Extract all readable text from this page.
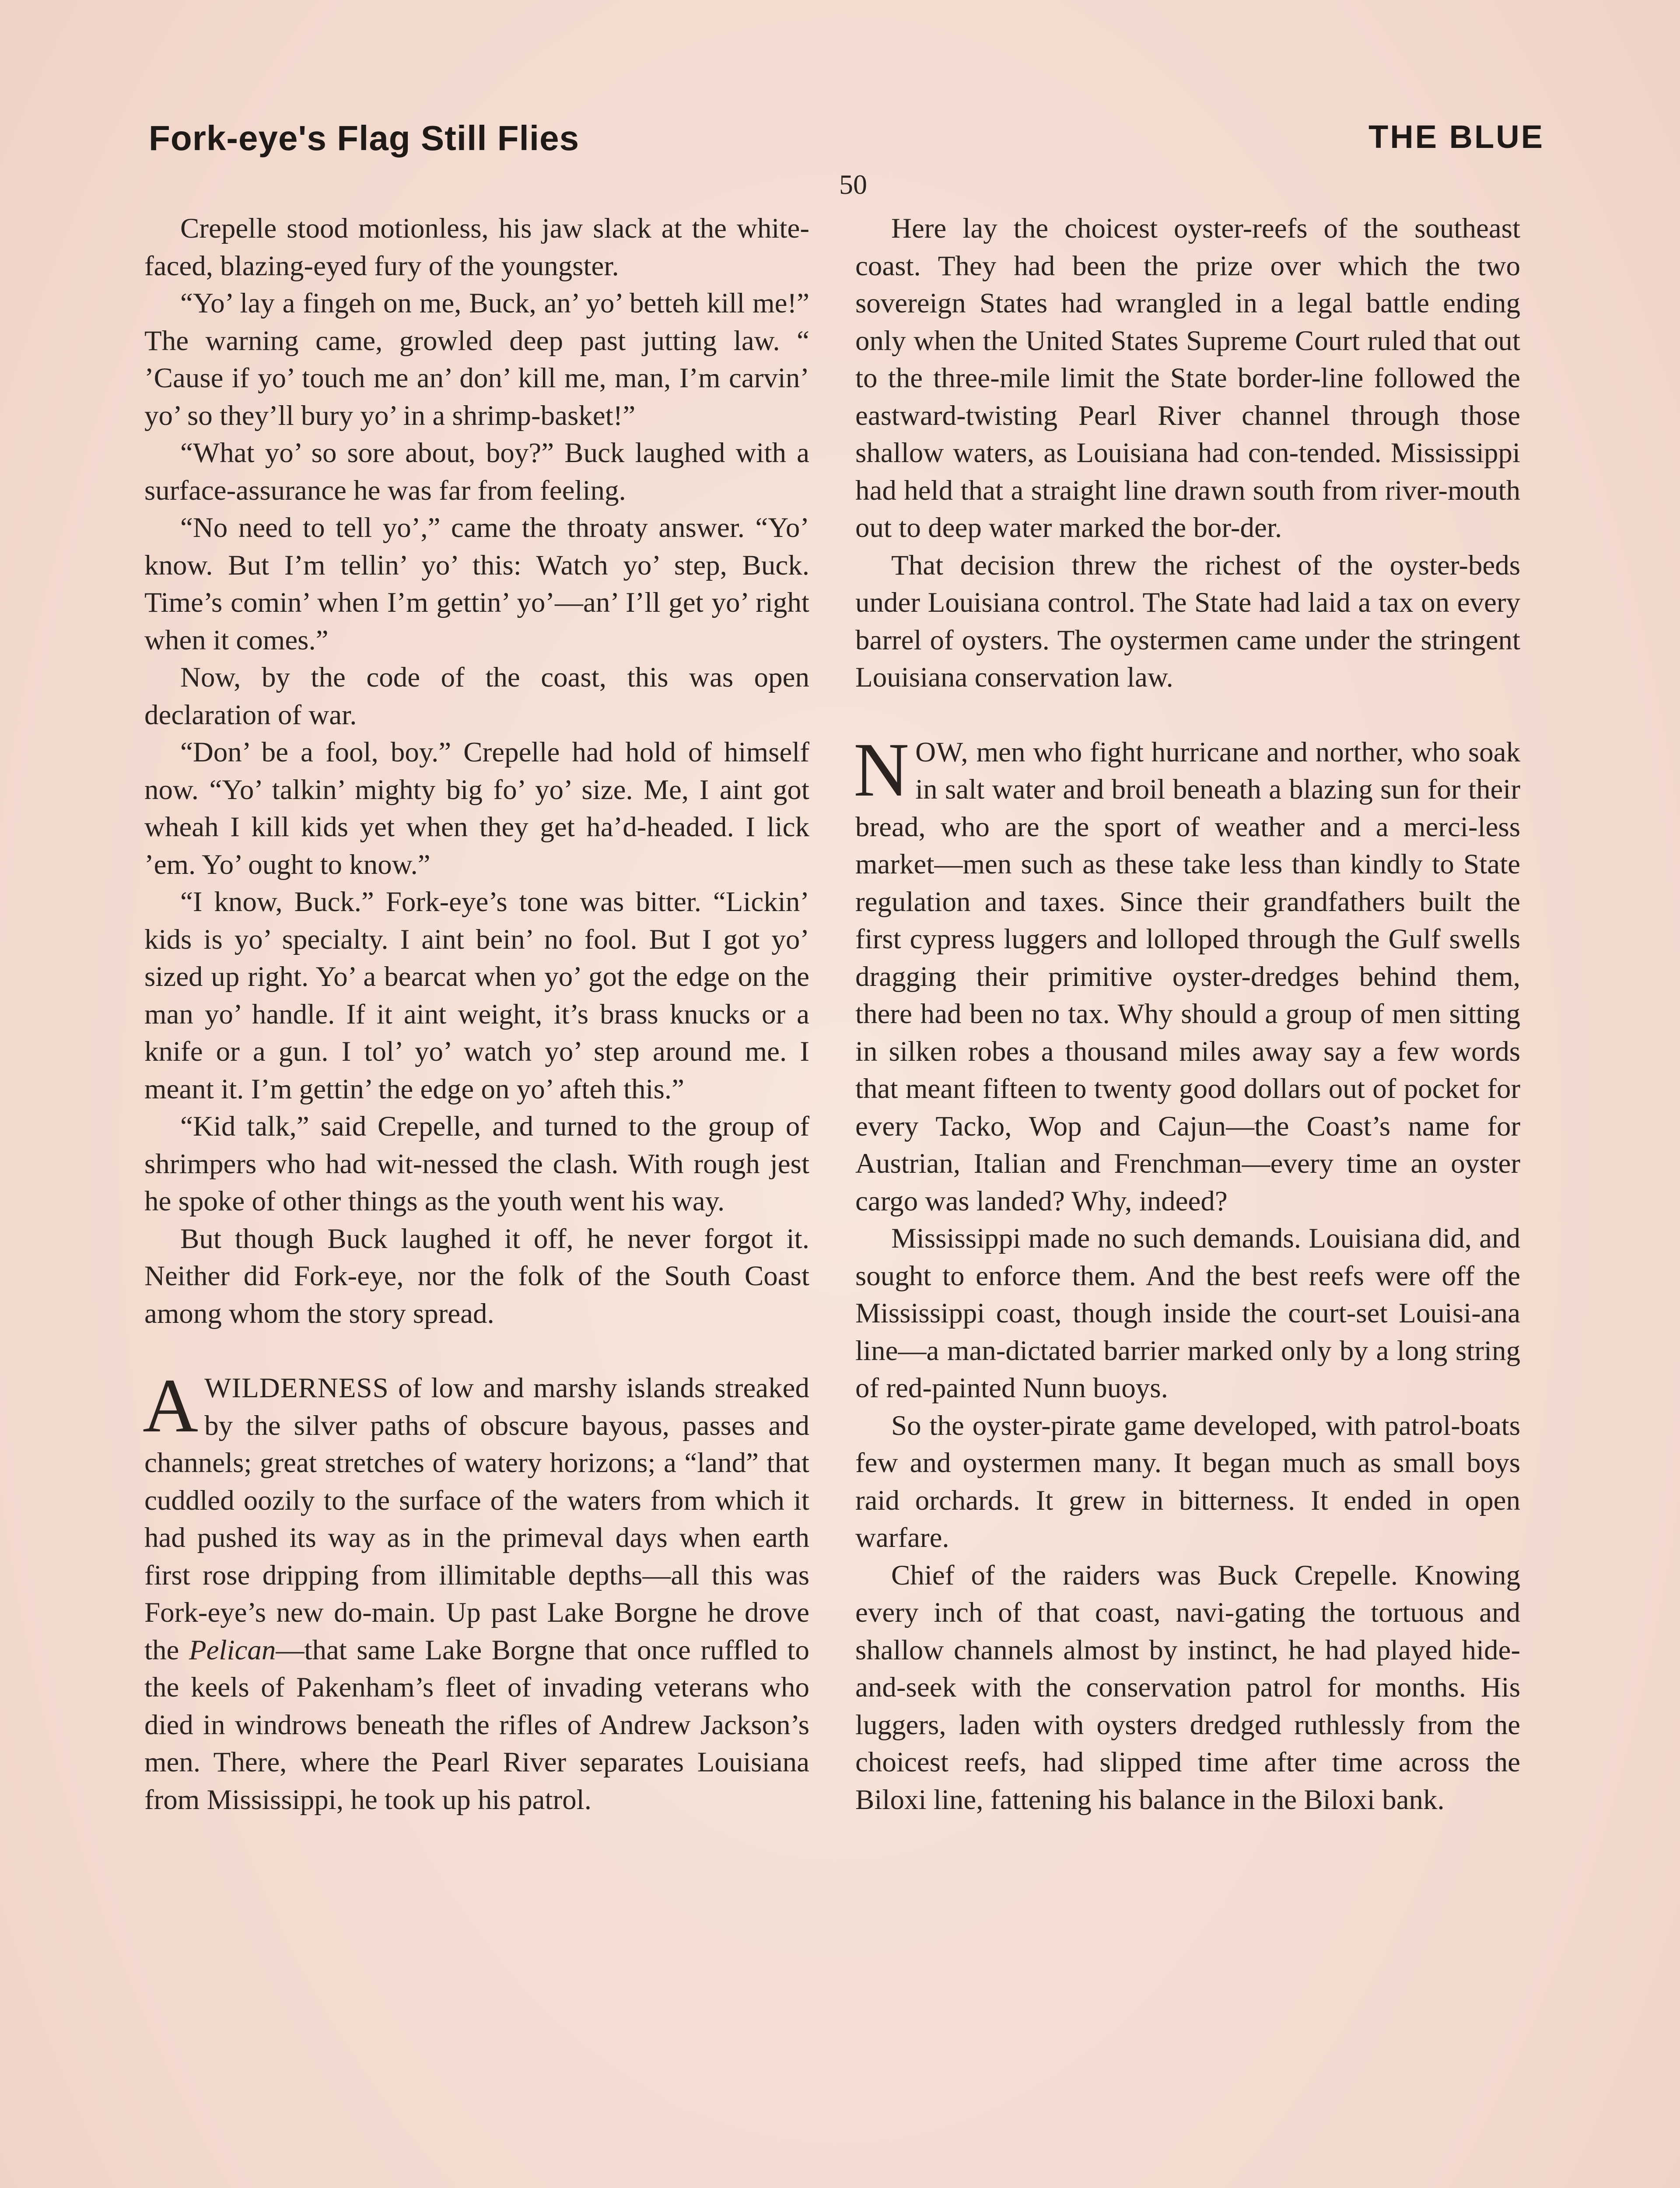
Fork-eye's Flag Still Flies	THE BLUE
50

Crepelle stood motionless, his jaw slack at the white-faced, blazing-eyed fury of the youngster.

“Yo’ lay a fingeh on me, Buck, an’ yo’ betteh kill me!” The warning came, growled deep past jutting law. “ ’Cause if yo’ touch me an’ don’ kill me, man, I’m carvin’ yo’ so they’ll bury yo’ in a shrimp-basket!”

“What yo’ so sore about, boy?” Buck laughed with a surface-assurance he was far from feeling.

“No need to tell yo’,” came the throaty answer. “Yo’ know. But I’m tellin’ yo’ this: Watch yo’ step, Buck. Time’s comin’ when I’m gettin’ yo’—an’ I’ll get yo’ right when it comes.”

Now, by the code of the coast, this was open declaration of war.

“Don’ be a fool, boy.” Crepelle had hold of himself now. “Yo’ talkin’ mighty big fo’ yo’ size. Me, I aint got wheah I kill kids yet when they get ha’d-headed. I lick ’em. Yo’ ought to know.”

“I know, Buck.” Fork-eye’s tone was bitter. “Lickin’ kids is yo’ specialty. I aint bein’ no fool. But I got yo’ sized up right. Yo’ a bearcat when yo’ got the edge on the man yo’ handle. If it aint weight, it’s brass knucks or a knife or a gun. I tol’ yo’ watch yo’ step around me. I meant it. I’m gettin’ the edge on yo’ afteh this.”

“Kid talk,” said Crepelle, and turned to the group of shrimpers who had wit-nessed the clash. With rough jest he spoke of other things as the youth went his way.

But though Buck laughed it off, he never forgot it. Neither did Fork-eye, nor the folk of the South Coast among whom the story spread.

AWILDERNESS of low and marshy islands streaked by the silver paths of obscure bayous, passes and channels; great stretches of watery horizons; a “land” that cuddled oozily to the surface of the waters from which it had pushed its way as in the primeval days when earth first rose dripping from illimitable depths—all this was Fork-eye’s new do-main. Up past Lake Borgne he drove the Pelican—that same Lake Borgne that once ruffled to the keels of Pakenham’s fleet of invading veterans who died in windrows beneath the rifles of Andrew Jackson’s men. There, where the Pearl River separates Louisiana from Mississippi, he took up his patrol.

Here lay the choicest oyster-reefs of the southeast coast. They had been the prize over which the two sovereign States had wrangled in a legal battle ending only when the United States Supreme Court ruled that out to the three-mile limit the State border-line followed the eastward-twisting Pearl River channel through those shallow waters, as Louisiana had con-tended. Mississippi had held that a straight line drawn south from river-mouth out to deep water marked the bor-der.

That decision threw the richest of the oyster-beds under Louisiana control. The State had laid a tax on every barrel of oysters. The oystermen came under the stringent Louisiana conservation law.

NOW, men who fight hurricane and norther, who soak in salt water and broil beneath a blazing sun for their bread, who are the sport of weather and a merci-less market—men such as these take less than kindly to State regulation and taxes. Since their grandfathers built the first cypress luggers and lolloped through the Gulf swells dragging their primitive oyster-dredges behind them, there had been no tax. Why should a group of men sitting in silken robes a thousand miles away say a few words that meant fifteen to twenty good dollars out of pocket for every Tacko, Wop and Cajun—the Coast’s name for Austrian, Italian and Frenchman—every time an oyster cargo was landed? Why, indeed?

Mississippi made no such demands. Louisiana did, and sought to enforce them. And the best reefs were off the Mississippi coast, though inside the court-set Louisi-ana line—a man-dictated barrier marked only by a long string of red-painted Nunn buoys.

So the oyster-pirate game developed, with patrol-boats few and oystermen many. It began much as small boys raid orchards. It grew in bitterness. It ended in open warfare.

Chief of the raiders was Buck Crepelle. Knowing every inch of that coast, navi-gating the tortuous and shallow channels almost by instinct, he had played hide-and-seek with the conservation patrol for months. His luggers, laden with oysters dredged ruthlessly from the choicest reefs, had slipped time after time across the Biloxi line, fattening his balance in the Biloxi bank.
